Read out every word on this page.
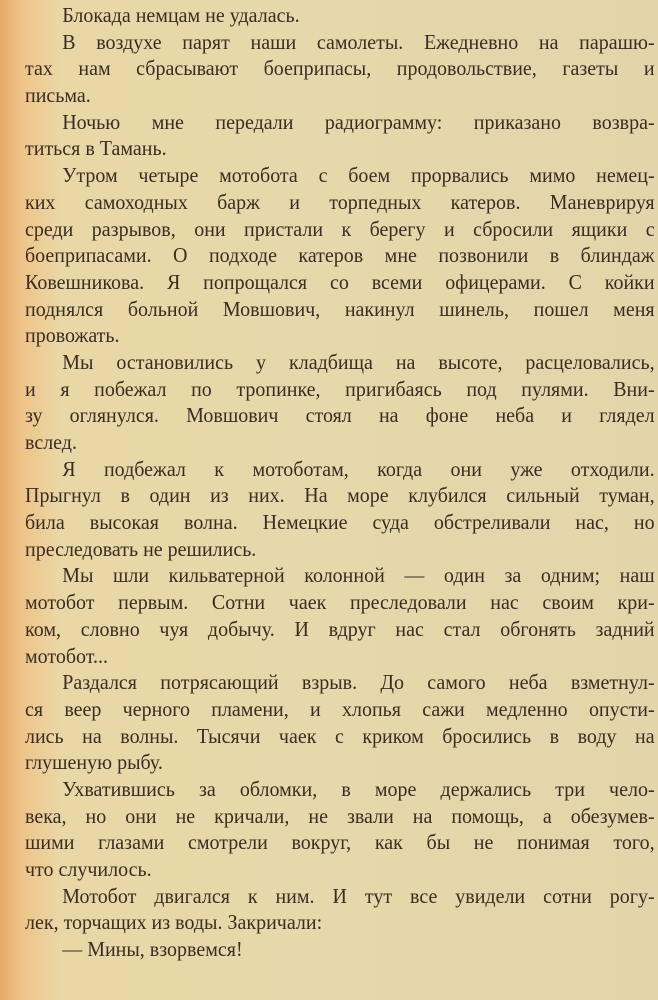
Блокада немцам не удалась.
В воздухе парят наши самолеты. Ежедневно на парашю-
тах нам сбрасывают боеприпасы, продовольствие, газеты и
письма.
Ночью мне передали радиограмму: приказано возвра-
титься в Тамань.
Утром четыре мотобота с боем прорвались мимо немец-
ких самоходных барж и торпедных катеров. Маневрируя
среди разрывов, они пристали к берегу и сбросили ящики с
боеприпасами. О подходе катеров мне позвонили в блиндаж
Ковешникова. Я попрощался со всеми офицерами. С койки
поднялся больной Мовшович, накинул шинель, пошел меня
провожать.
Мы остановились у кладбища на высоте, расцеловались,
и я побежал по тропинке, пригибаясь под пулями. Вни-
зу оглянулся. Мовшович стоял на фоне неба и глядел
вслед.
Я подбежал к мотоботам, когда они уже отходили.
Прыгнул в один из них. На море клубился сильный туман,
била высокая волна. Немецкие суда обстреливали нас, но
преследовать не решились.
Мы шли кильватерной колонной — один за одним; наш
мотобот первым. Сотни чаек преследовали нас своим кри-
ком, словно чуя добычу. И вдруг нас стал обгонять задний
мотобот...
Раздался потрясающий взрыв. До самого неба взметнул-
ся веер черного пламени, и хлопья сажи медленно опусти-
лись на волны. Тысячи чаек с криком бросились в воду на
глушеную рыбу.
Ухватившись за обломки, в море держались три чело-
века, но они не кричали, не звали на помощь, а обезумев-
шими глазами смотрели вокруг, как бы не понимая того,
что случилось.
Мотобот двигался к ним. И тут все увидели сотни рогу-
лек, торчащих из воды. Закричали:
— Мины, взорвемся!
